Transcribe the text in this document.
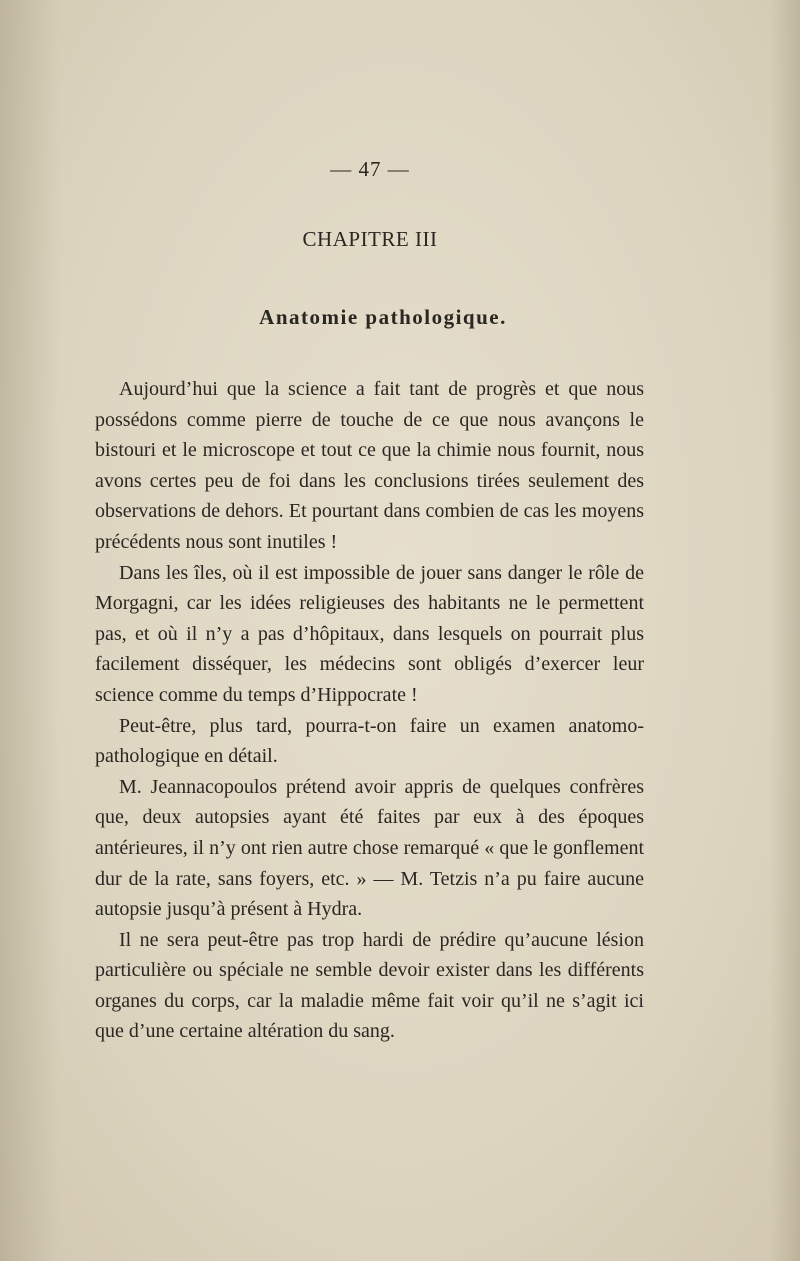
— 47 —
CHAPITRE III
Anatomie pathologique.

Aujourd’hui que la science a fait tant de progrès et que nous possédons comme pierre de touche de ce que nous avançons le bistouri et le microscope et tout ce que la chimie nous fournit, nous avons certes peu de foi dans les conclusions tirées seulement des observations de dehors. Et pourtant dans combien de cas les moyens précédents nous sont inutiles !

Dans les îles, où il est impossible de jouer sans danger le rôle de Morgagni, car les idées religieuses des habitants ne le permettent pas, et où il n’y a pas d’hôpitaux, dans lesquels on pourrait plus facilement disséquer, les médecins sont obligés d’exercer leur science comme du temps d’Hippocrate !

Peut-être, plus tard, pourra-t-on faire un examen anatomo-pathologique en détail.

M. Jeannacopoulos prétend avoir appris de quelques confrères que, deux autopsies ayant été faites par eux à des époques antérieures, il n’y ont rien autre chose remarqué « que le gonflement dur de la rate, sans foyers, etc. » — M. Tetzis n’a pu faire aucune autopsie jusqu’à présent à Hydra.

Il ne sera peut-être pas trop hardi de prédire qu’aucune lésion particulière ou spéciale ne semble devoir exister dans les différents organes du corps, car la maladie même fait voir qu’il ne s’agit ici que d’une certaine altération du sang.
